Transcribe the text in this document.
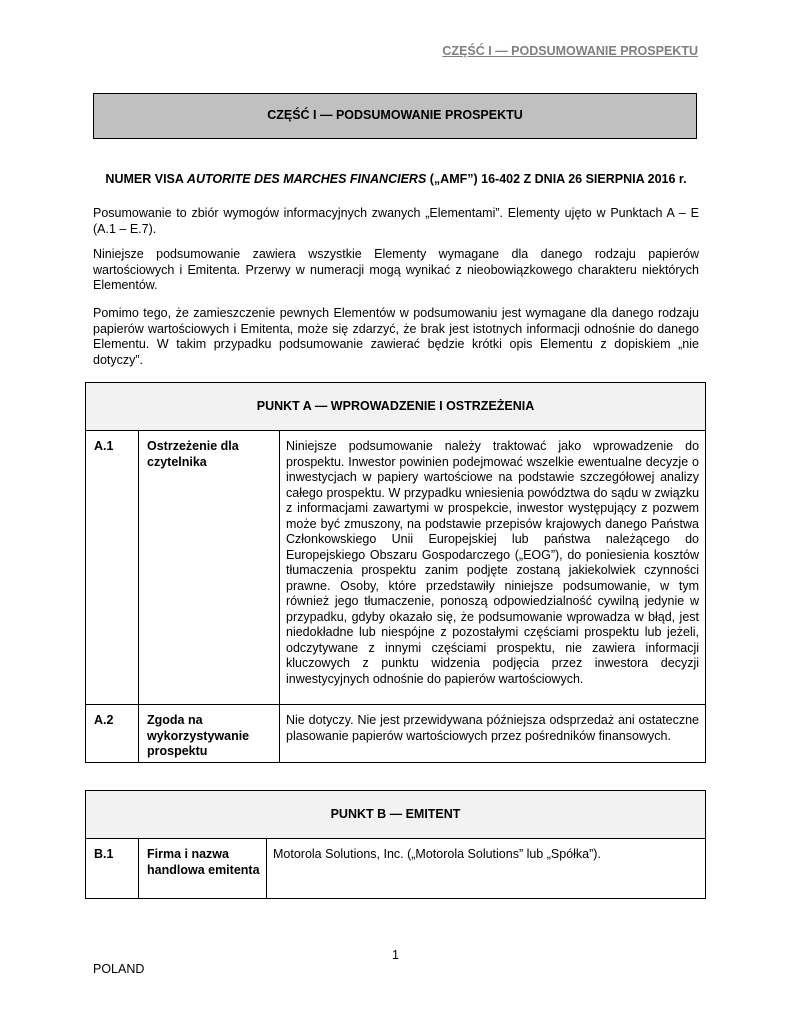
CZĘŚĆ I — PODSUMOWANIE PROSPEKTU
CZĘŚĆ I — PODSUMOWANIE PROSPEKTU
NUMER VISA AUTORITE DES MARCHES FINANCIERS („AMF”) 16-402 Z DNIA 26 SIERPNIA 2016 r.

Posumowanie to zbiór wymogów informacyjnych zwanych „Elementami”. Elementy ujęto w Punktach A – E (A.1 – E.7).

Niniejsze podsumowanie zawiera wszystkie Elementy wymagane dla danego rodzaju papierów wartościowych i Emitenta. Przerwy w numeracji mogą wynikać z nieobowiązkowego charakteru niektórych Elementów.

Pomimo tego, że zamieszczenie pewnych Elementów w podsumowaniu jest wymagane dla danego rodzaju papierów wartościowych i Emitenta, może się zdarzyć, że brak jest istotnych informacji odnośnie do danego Elementu. W takim przypadku podsumowanie zawierać będzie krótki opis Elementu z dopiskiem „nie dotyczy”.

PUNKT A — WPROWADZENIE I OSTRZEŻENIA		
A.1	Ostrzeżenie dla czytelnika	Niniejsze podsumowanie należy traktować jako wprowadzenie do prospektu. Inwestor powinien podejmować wszelkie ewentualne decyzje o inwestycjach w papiery wartościowe na podstawie szczegółowej analizy całego prospektu. W przypadku wniesienia powództwa do sądu w związku z informacjami zawartymi w prospekcie, inwestor występujący z pozwem może być zmuszony, na podstawie przepisów krajowych danego Państwa Członkowskiego Unii Europejskiej lub państwa należącego do Europejskiego Obszaru Gospodarczego („EOG”), do poniesienia kosztów tłumaczenia prospektu zanim podjęte zostaną jakiekolwiek czynności prawne. Osoby, które przedstawiły niniejsze podsumowanie, w tym również jego tłumaczenie, ponoszą odpowiedzialność cywilną jedynie w przypadku, gdyby okazało się, że podsumowanie wprowadza w błąd, jest niedokładne lub niespójne z pozostałymi częściami prospektu lub jeżeli, odczytywane z innymi częściami prospektu, nie zawiera informacji kluczowych z punktu widzenia podjęcia przez inwestora decyzji inwestycyjnych odnośnie do papierów wartościowych.
A.2	Zgoda na wykorzystywanie prospektu	Nie dotyczy. Nie jest przewidywana późniejsza odsprzedaż ani ostateczne plasowanie papierów wartościowych przez pośredników finansowych.
PUNKT B — EMITENT
B.1	Firma i nazwa handlowa emitenta	Motorola Solutions, Inc. („Motorola Solutions” lub „Spółka”).
1
POLAND
